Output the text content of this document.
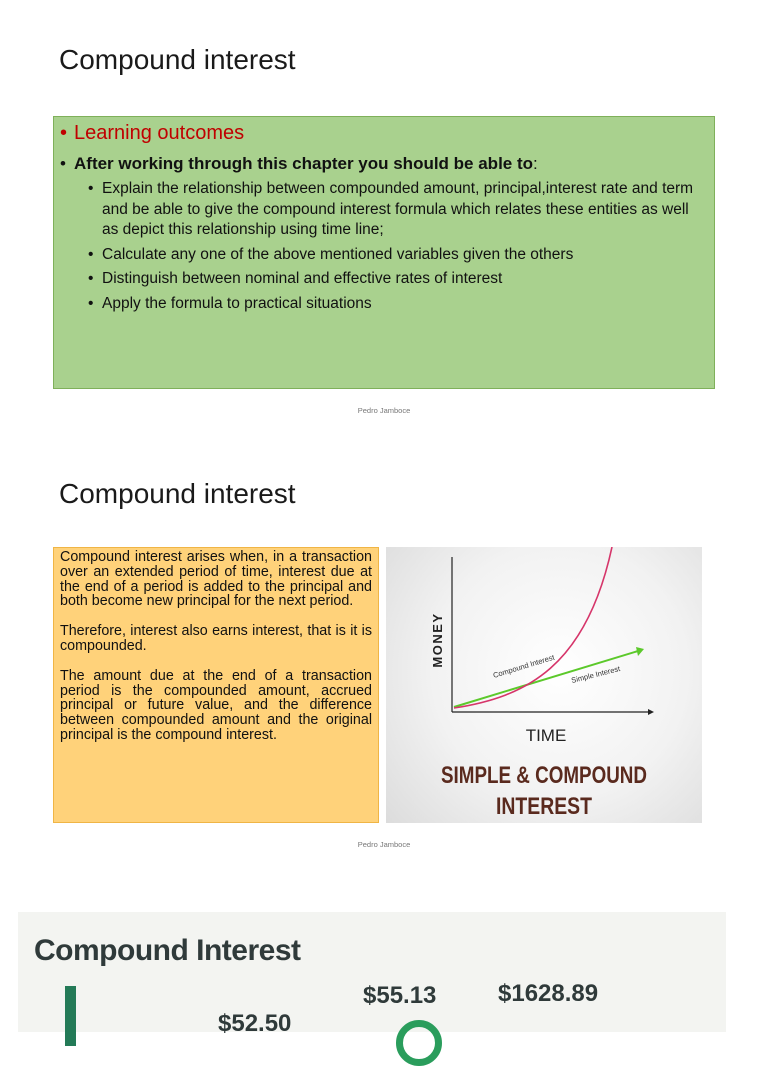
Compound interest

• Learning outcomes

• After working through this chapter you should be able to:

• Explain the relationship between compounded amount, principal,interest rate and term and be able to give the compound interest formula which relates these entities as well as depict this relationship using time line;
• Calculate any one of the above mentioned variables given the others
• Distinguish between nominal and effective rates of interest
• Apply the formula to practical situations
Pedro Jamboce
Compound interest

Compound interest arises when, in a transaction over an extended period of time, interest due at the end of a period is added to the principal and both become new principal for the next period.

Therefore, interest also earns interest, that is it is compounded.

The amount due at the end of a transaction period is the compounded amount, accrued principal or future value, and the difference between compounded amount and the original principal is the compound interest.

MONEY	Compound Interest Simple Interest
TIME
SIMPLE & COMPOUND
INTEREST
Pedro Jamboce
Compound Interest
$52.50
$55.13	$1628.89
